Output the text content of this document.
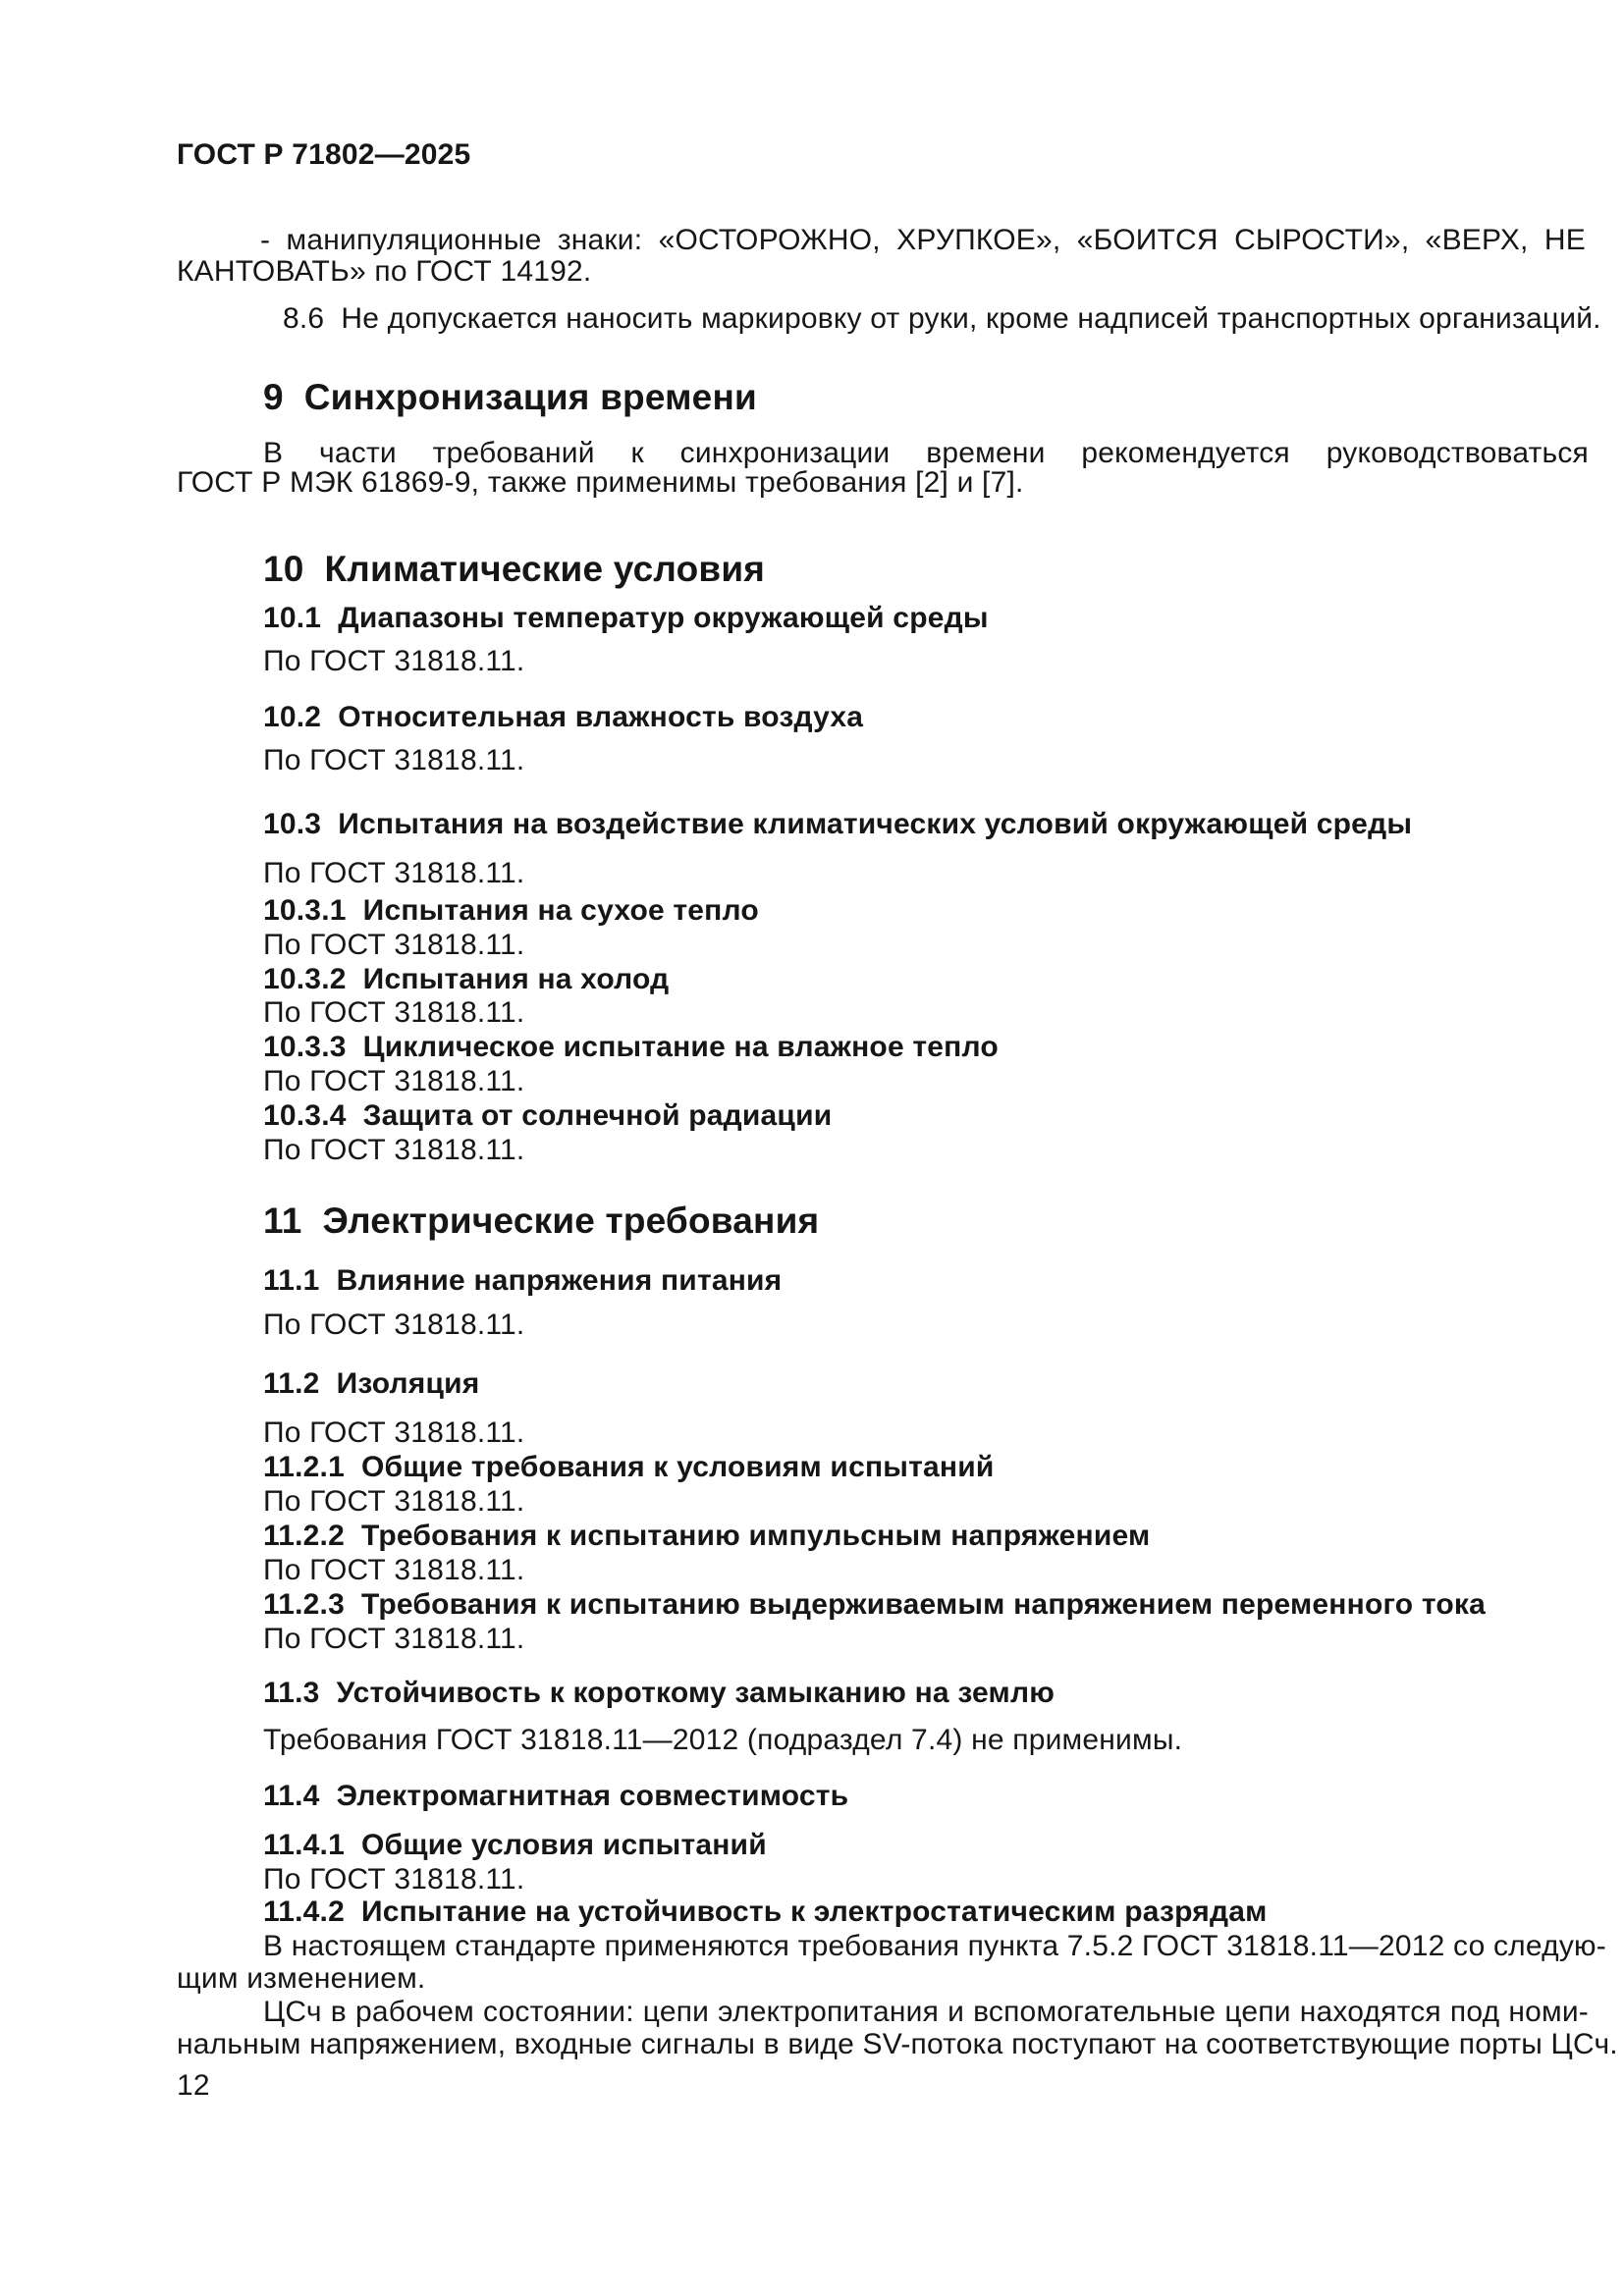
ГОСТ Р 71802—2025
- манипуляционные знаки: «ОСТОРОЖНО, ХРУПКОЕ», «БОИТСЯ СЫРОСТИ», «ВЕРХ, НЕ
КАНТОВАТЬ» по ГОСТ 14192.
8.6  Не допускается наносить маркировку от руки, кроме надписей транспортных организаций.
9  Синхронизация времени
В части требований к синхронизации времени рекомендуется руководствоваться
ГОСТ Р МЭК 61869-9, также применимы требования [2] и [7].
10  Климатические условия
10.1  Диапазоны температур окружающей среды
По ГОСТ 31818.11.
10.2  Относительная влажность воздуха
По ГОСТ 31818.11.
10.3  Испытания на воздействие климатических условий окружающей среды
По ГОСТ 31818.11.
10.3.1  Испытания на сухое тепло
По ГОСТ 31818.11.
10.3.2  Испытания на холод
По ГОСТ 31818.11.
10.3.3  Циклическое испытание на влажное тепло
По ГОСТ 31818.11.
10.3.4  Защита от солнечной радиации
По ГОСТ 31818.11.
11  Электрические требования
11.1  Влияние напряжения питания
По ГОСТ 31818.11.
11.2  Изоляция
По ГОСТ 31818.11.
11.2.1  Общие требования к условиям испытаний
По ГОСТ 31818.11.
11.2.2  Требования к испытанию импульсным напряжением
По ГОСТ 31818.11.
11.2.3  Требования к испытанию выдерживаемым напряжением переменного тока
По ГОСТ 31818.11.
11.3  Устойчивость к короткому замыканию на землю
Требования ГОСТ 31818.11—2012 (подраздел 7.4) не применимы.
11.4  Электромагнитная совместимость
11.4.1  Общие условия испытаний
По ГОСТ 31818.11.
11.4.2  Испытание на устойчивость к электростатическим разрядам
В настоящем стандарте применяются требования пункта 7.5.2 ГОСТ 31818.11—2012 со следую-
щим изменением.
ЦСч в рабочем состоянии: цепи электропитания и вспомогательные цепи находятся под номи-
нальным напряжением, входные сигналы в виде SV-потока поступают на соответствующие порты ЦСч.
12
